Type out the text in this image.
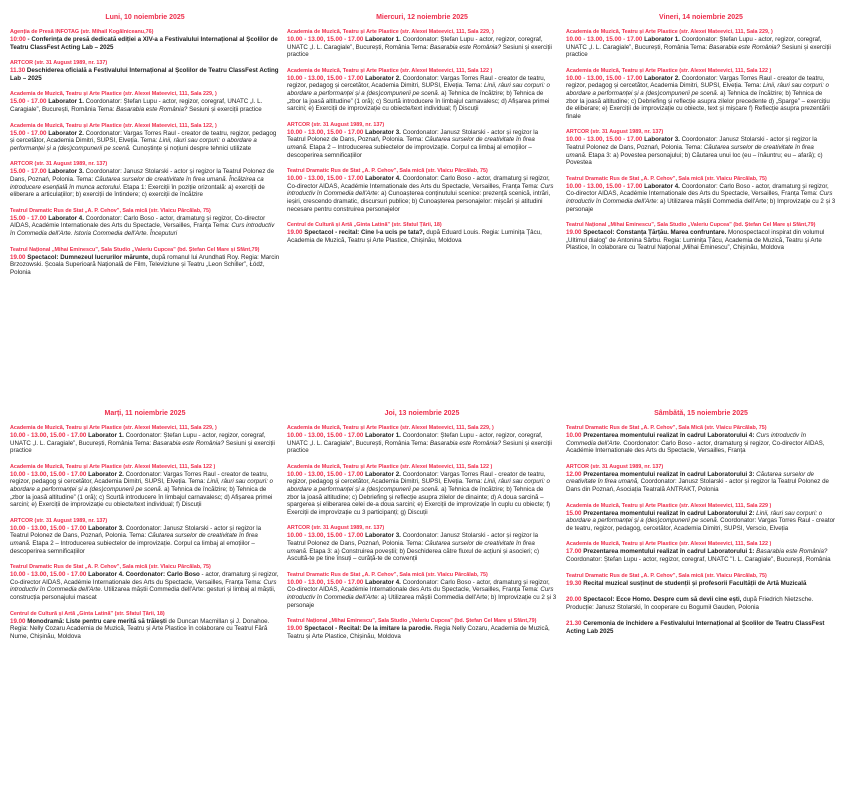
Luni, 10 noiembrie 2025
Agenția de Presă INFOTAG (str. Mihail Kogălniceanu,76)
10:00 - Conferința de presă dedicată ediției a XIV-a a Festivalului Internațional al Școlilor de Teatru ClassFest Acting Lab – 2025
ARTCOR (str. 31 August 1989, nr. 137)
11.30 Deschiderea oficială a Festivalului Internațional al Școlilor de Teatru ClassFest Acting Lab – 2025
Academia de Muzică, Teatru și Arte Plastice (str. Alexei Mateevici, 111, Sala 229, )
15.00 - 17.00 Laborator 1. Coordonator: Ștefan Lupu - actor, regizor, coregraf, UNATC „I. L. Caragiale”, București, România Tema: Basarabia este România? Sesiuni și exerciții practice
Academia de Muzică, Teatru și Arte Plastice (str. Alexei Mateevici, 111, Sala 122, )
15.00 - 17.00 Laborator 2. Coordonator: Vargas Torres Raul - creator de teatru, regizor, pedagog și cercetător, Academia Dimitri, SUPSI, Elveția. Tema: Linii, râuri sau corpuri: o abordare a performanței și a (des)compunerii pe scenă. Cunoștințe și noțiuni despre tehnici utilizate
ARTCOR (str. 31 August 1989, nr. 137)
15.00 - 17.00 Laborator 3. Coordonator: Janusz Stolarski - actor și regizor la Teatrul Polonez de Dans, Poznań, Polonia. Tema: Căutarea surselor de creativitate în firea umană. Încălzirea ca introducere esențială în munca actorului. Etapa 1: Exerciții în poziție orizontală: a) exerciții de eliberare a articulațiilor; b) exerciții de întindere; c) exerciții de încălzire
Teatrul Dramatic Rus de Stat „A. P. Cehov”, Sala mică (str. Vlaicu Pârcălab, 75)
15.00 - 17.00 Laborator 4. Coordonator: Carlo Boso - actor, dramaturg și regizor, Co-director AIDAS, Académie Internationale des Arts du Spectacle, Versailles, Franța Tema: Curs introductiv în Commedia dell'Arte. Istoria Commedia dell'Arte. Începuturi
Teatrul Național „Mihai Eminescu”, Sala Studio „Valeriu Cupcea” (bd. Ștefan Cel Mare și Sfânt,79)
19.00 Spectacol: Dumnezeul lucrurilor mărunte, după romanul lui Arundhati Roy. Regia: Marcin Brzozowski. Școala Superioară Națională de Film, Televiziune și Teatru „Leon Schiller”, Łódź, Polonia
Miercuri, 12 noiembrie 2025
Academia de Muzică, Teatru și Arte Plastice (str. Alexei Mateevici, 111, Sala 229, )
10.00 - 13.00, 15.00 - 17.00 Laborator 1. Coordonator: Ștefan Lupu - actor, regizor, coregraf, UNATC „I. L. Caragiale”, București, România Tema: Basarabia este România? Sesiuni și exerciții practice
Academia de Muzică, Teatru și Arte Plastice (str. Alexei Mateevici, 111, Sala 122 )
10.00 - 13.00, 15.00 - 17.00 Laborator 2. Coordonator: Vargas Torres Raul - creator de teatru, regizor, pedagog și cercetător, Academia Dimitri, SUPSI, Elveția. Tema: Linii, râuri sau corpuri: o abordare a performanței și a (des)compunerii pe scenă. a) Tehnica de încălzire; b) Tehnica de „zbor la joasă altitudine” (1 oră); c) Scurtă introducere în limbajul carnavalesc; d) Afișarea primei sarcini; e) Exerciții de improvizație cu obiecte/text individual; f) Discuții
ARTCOR (str. 31 August 1989, nr. 137)
10.00 - 13.00, 15.00 - 17.00 Laborator 3. Coordonator: Janusz Stolarski - actor și regizor la Teatrul Polonez de Dans, Poznań, Polonia. Tema: Căutarea surselor de creativitate în firea umană. Etapa 2 – Introducerea subiectelor de improvizație. Corpul ca limbaj al emoțiilor – descoperirea semnificațiilor
Teatrul Dramatic Rus de Stat „A. P. Cehov”, Sala mică (str. Vlaicu Pârcălab, 75)
10.00 - 13.00, 15.00 - 17.00 Laborator 4. Coordonator: Carlo Boso - actor, dramaturg și regizor, Co-director AIDAS, Académie Internationale des Arts du Spectacle, Versailles, Franța Tema: Curs introductiv în Commedia dell'Arte: a) Cunoașterea conținutului scenice: prezență scenică, intrări, ieșiri, crescendo dramatic, discursuri publice; b) Cunoașterea personajelor: mișcări și atitudini necesare pentru construirea personajelor
Centrul de Cultură și Artă „Ginta Latină” (str. Sfatul Țării, 18)
19.00 Spectacol - recital: Cine l-a ucis pe tata?, după Eduard Louis. Regia: Luminița Țâcu, Academia de Muzică, Teatru și Arte Plastice, Chișinău, Moldova
Vineri, 14 noiembrie 2025
Academia de Muzică, Teatru și Arte Plastice (str. Alexei Mateevici, 111, Sala 229, )
10.00 - 13.00, 15.00 - 17.00 Laborator 1. Coordonator: Ștefan Lupu - actor, regizor, coregraf, UNATC „I. L. Caragiale”, București, România Tema: Basarabia este România? Sesiuni și exerciții practice
Academia de Muzică, Teatru și Arte Plastice (str. Alexei Mateevici, 111, Sala 122 )
10.00 - 13.00, 15.00 - 17.00 Laborator 2. Coordonator: Vargas Torres Raul - creator de teatru, regizor, pedagog și cercetător, Academia Dimitri, SUPSI, Elveția. Tema: Linii, râuri sau corpuri: o abordare a performanței și a (des)compunerii pe scenă. a) Tehnica de încălzire; b) Tehnica de zbor la joasă altitudine; c) Debriefing și reflecție asupra zilelor precedente d) „Sparge” – exercițiu de eliberare; e) Exerciții de improvizație cu obiecte, text și mișcare f) Reflecție asupra prezentării finale
ARTCOR (str. 31 August 1989, nr. 137)
10.00 - 13.00, 15.00 - 17.00 Laborator 3. Coordonator: Janusz Stolarski - actor și regizor la Teatrul Polonez de Dans, Poznań, Polonia. Tema: Căutarea surselor de creativitate în firea umană. Etapa 3: a) Povestea personajului; b) Căutarea unui loc (eu – înăuntru; eu – afară); c) Povestea
Teatrul Dramatic Rus de Stat „A. P. Cehov”, Sala mică (str. Vlaicu Pârcălab, 75)
10.00 - 13.00, 15.00 - 17.00 Laborator 4. Coordonator: Carlo Boso - actor, dramaturg și regizor, Co-director AIDAS, Académie Internationale des Arts du Spectacle, Versailles, Franța Tema: Curs introductiv în Commedia dell'Arte: a) Utilizarea măștii Commedia dell'Arte; b) Improvizație cu 2 și 3 personaje
Teatrul Național „Mihai Eminescu”, Sala Studio „Valeriu Cupcea” (bd. Ștefan Cel Mare și Sfânt,79)
19.00 Spectacol: Constanța Țărțău. Marea confruntare. Monospectacol inspirat din volumul „Ultimul dialog” de Antonina Sârbu. Regia: Luminița Țâcu, Academia de Muzică, Teatru și Arte Plastice, în colaborare cu Teatrul Național „Mihai Eminescu”, Chișinău, Moldova
Marți, 11 noiembrie 2025
Academia de Muzică, Teatru și Arte Plastice (str. Alexei Mateevici, 111, Sala 229, )
10.00 - 13.00, 15.00 - 17.00 Laborator 1. Coordonator: Ștefan Lupu - actor, regizor, coregraf, UNATC „I. L. Caragiale”, București, România Tema: Basarabia este România? Sesiuni și exerciții practice
Academia de Muzică, Teatru și Arte Plastice (str. Alexei Mateevici, 111, Sala 122 )
10.00 - 13.00, 15.00 - 17.00 Laborator 2. Coordonator: Vargas Torres Raul - creator de teatru, regizor, pedagog și cercetător, Academia Dimitri, SUPSI, Elveția. Tema: Linii, râuri sau corpuri: o abordare a performanței și a (des)compunerii pe scenă. a) Tehnica de încălzire; b) Tehnica de „zbor la joasă altitudine” (1 oră); c) Scurtă introducere în limbajul carnavalesc; d) Afișarea primei sarcini; e) Exerciții de improvizație cu obiecte/text individual; f) Discuții
ARTCOR (str. 31 August 1989, nr. 137)
10.00 - 13.00, 15.00 - 17.00 Laborator 3. Coordonator: Janusz Stolarski - actor și regizor la Teatrul Polonez de Dans, Poznań, Polonia. Tema: Căutarea surselor de creativitate în firea umană. Etapa 2 – Introducerea subiectelor de improvizație. Corpul ca limbaj al emoțiilor – descoperirea semnificațiilor
Teatrul Dramatic Rus de Stat „A. P. Cehov”, Sala mică (str. Vlaicu Pârcălab, 75)
10.00 - 13.00, 15.00 - 17.00 Laborator 4. Coordonator: Carlo Boso - actor, dramaturg și regizor, Co-director AIDAS, Académie Internationale des Arts du Spectacle, Versailles, Franța Tema: Curs introductiv în Commedia dell'Arte. Utilizarea măștii Commedia dell'Arte: gesturi și limbaj al măștii, construcția personajului mascat
Centrul de Cultură și Artă „Ginta Latină” (str. Sfatul Țării, 18)
19.00 Monodramă: Liste pentru care merită să trăiești de Duncan Macmillan și J. Donahoe. Regia: Nelly Cozaru Academia de Muzică, Teatru și Arte Plastice în colaborare cu Teatrul Fără Nume, Chișinău, Moldova
Joi, 13 noiembrie 2025
Academia de Muzică, Teatru și Arte Plastice (str. Alexei Mateevici, 111, Sala 229, )
10.00 - 13.00, 15.00 - 17.00 Laborator 1. Coordonator: Ștefan Lupu - actor, regizor, coregraf, UNATC „I. L. Caragiale”, București, România Tema: Basarabia este România? Sesiuni și exerciții practice
Academia de Muzică, Teatru și Arte Plastice (str. Alexei Mateevici, 111, Sala 122 )
10.00 - 13.00, 15.00 - 17.00 Laborator 2. Coordonator: Vargas Torres Raul - creator de teatru, regizor, pedagog și cercetător, Academia Dimitri, SUPSI, Elveția. Tema: Linii, râuri sau corpuri: o abordare a performanței și a (des)compunerii pe scenă. a) Tehnica de încălzire; b) Tehnica de zbor la joasă altitudine; c) Debriefing și reflecție asupra zilelor de dinainte; d) A doua sarcină – spargerea și eliberarea celei de-a doua sarcini; e) Exerciții de improvizație în cuplu cu obiecte; f) Exerciții de improvizație cu 3 participanți; g) Discuții
ARTCOR (str. 31 August 1989, nr. 137)
10.00 - 13.00, 15.00 - 17.00 Laborator 3. Coordonator: Janusz Stolarski - actor și regizor la Teatrul Polonez de Dans, Poznań, Polonia. Tema: Căutarea surselor de creativitate în firea umană. Etapa 3: a) Construirea poveștii; b) Deschiderea către fluxul de acțiuni și asocieri; c) Ascultă-te pe tine însuți – curăță-te de convenții
Teatrul Dramatic Rus de Stat „A. P. Cehov”, Sala mică (str. Vlaicu Pârcălab, 75)
10.00 - 13.00, 15.00 - 17.00 Laborator 4. Coordonator: Carlo Boso - actor, dramaturg și regizor, Co-director AIDAS, Académie Internationale des Arts du Spectacle, Versailles, Franța Tema: Curs introductiv în Commedia dell'Arte: a) Utilizarea măștii Commedia dell'Arte; b) Improvizație cu 2 și 3 personaje
Teatrul Național „Mihai Eminescu”, Sala Studio „Valeriu Cupcea” (bd. Ștefan Cel Mare și Sfânt,79)
19.00 Spectacol - Recital: De la imitare la parodie. Regia Nelly Cozaru, Academia de Muzică, Teatru și Arte Plastice, Chișinău, Moldova
Sâmbătă, 15 noiembrie 2025
Teatrul Dramatic Rus de Stat „A. P. Cehov”, Sala Mică (str. Vlaicu Pârcălab, 75)
10.00 Prezentarea momentului realizat în cadrul Laboratorului 4: Curs introductiv în Commedia dell'Arte. Coordonator: Carlo Boso - actor, dramaturg și regizor, Co-director AIDAS, Académie Internationale des Arts du Spectacle, Versailles, Franța
ARTCOR (str. 31 August 1989, nr. 137)
12.00 Prezentarea momentului realizat în cadrul Laboratorului 3: Căutarea surselor de creativitate în firea umană, Coordonator: Janusz Stolarski - actor și regizor la Teatrul Polonez de Dans din Poznań, Asociația Teatrală ANTRAKT, Polonia
Academia de Muzică, Teatru și Arte Plastice (str. Alexei Mateevici, 111, Sala 229 )
15.00 Prezentarea momentului realizat în cadrul Laboratorului 2: Linii, râuri sau corpuri: o abordare a performanței și a (des)compunerii pe scenă. Coordonator: Vargas Torres Raul - creator de teatru, regizor, pedagog, cercetător, Academia Dimitri, SUPSI, Verscio, Elveția
Academia de Muzică, Teatru și Arte Plastice (str. Alexei Mateevici, 111, Sala 122 )
17.00 Prezentarea momentului realizat în cadrul Laboratorului 1: Basarabia este România? Coordonator: Ștefan Lupu - actor, regizor, coregraf, UNATC "I. L. Caragiale", București, România
Teatrul Dramatic Rus de Stat „A. P. Cehov”, Sala mică (str. Vlaicu Pârcălab, 75)
19.30 Recital muzical susținut de studenții și profesorii Facultății de Artă Muzicală
20.00 Spectacol: Ecce Homo. Despre cum să devii cine ești, după Friedrich Nietzsche. Producție: Janusz Stolarski, în cooperare cu Bogumił Gauden, Polonia
21.30 Ceremonia de închidere a Festivalului Internațional al Școlilor de Teatru ClassFest Acting Lab 2025
